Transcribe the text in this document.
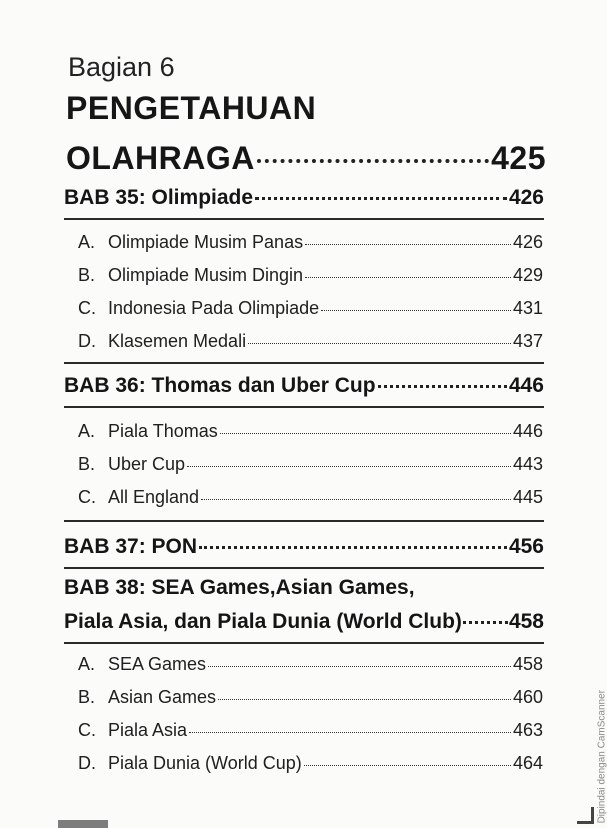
Bagian 6
PENGETAHUAN
OLAHRAGA	425
BAB 35: Olimpiade	426
A. Olimpiade Musim Panas	426
B. Olimpiade Musim Dingin	429
C. Indonesia Pada Olimpiade	431
D. Klasemen Medali	437
BAB 36: Thomas dan Uber Cup	446
A. Piala Thomas	446
B. Uber Cup	443
C. All England	445
BAB 37: PON	456
BAB 38: SEA Games,Asian Games,
Piala Asia, dan Piala Dunia (World Club) 458
A. SEA Games	458
B. Asian Games	460
C. Piala Asia	463
D. Piala Dunia (World Cup)	464	Dipindai dengan CamScanner
